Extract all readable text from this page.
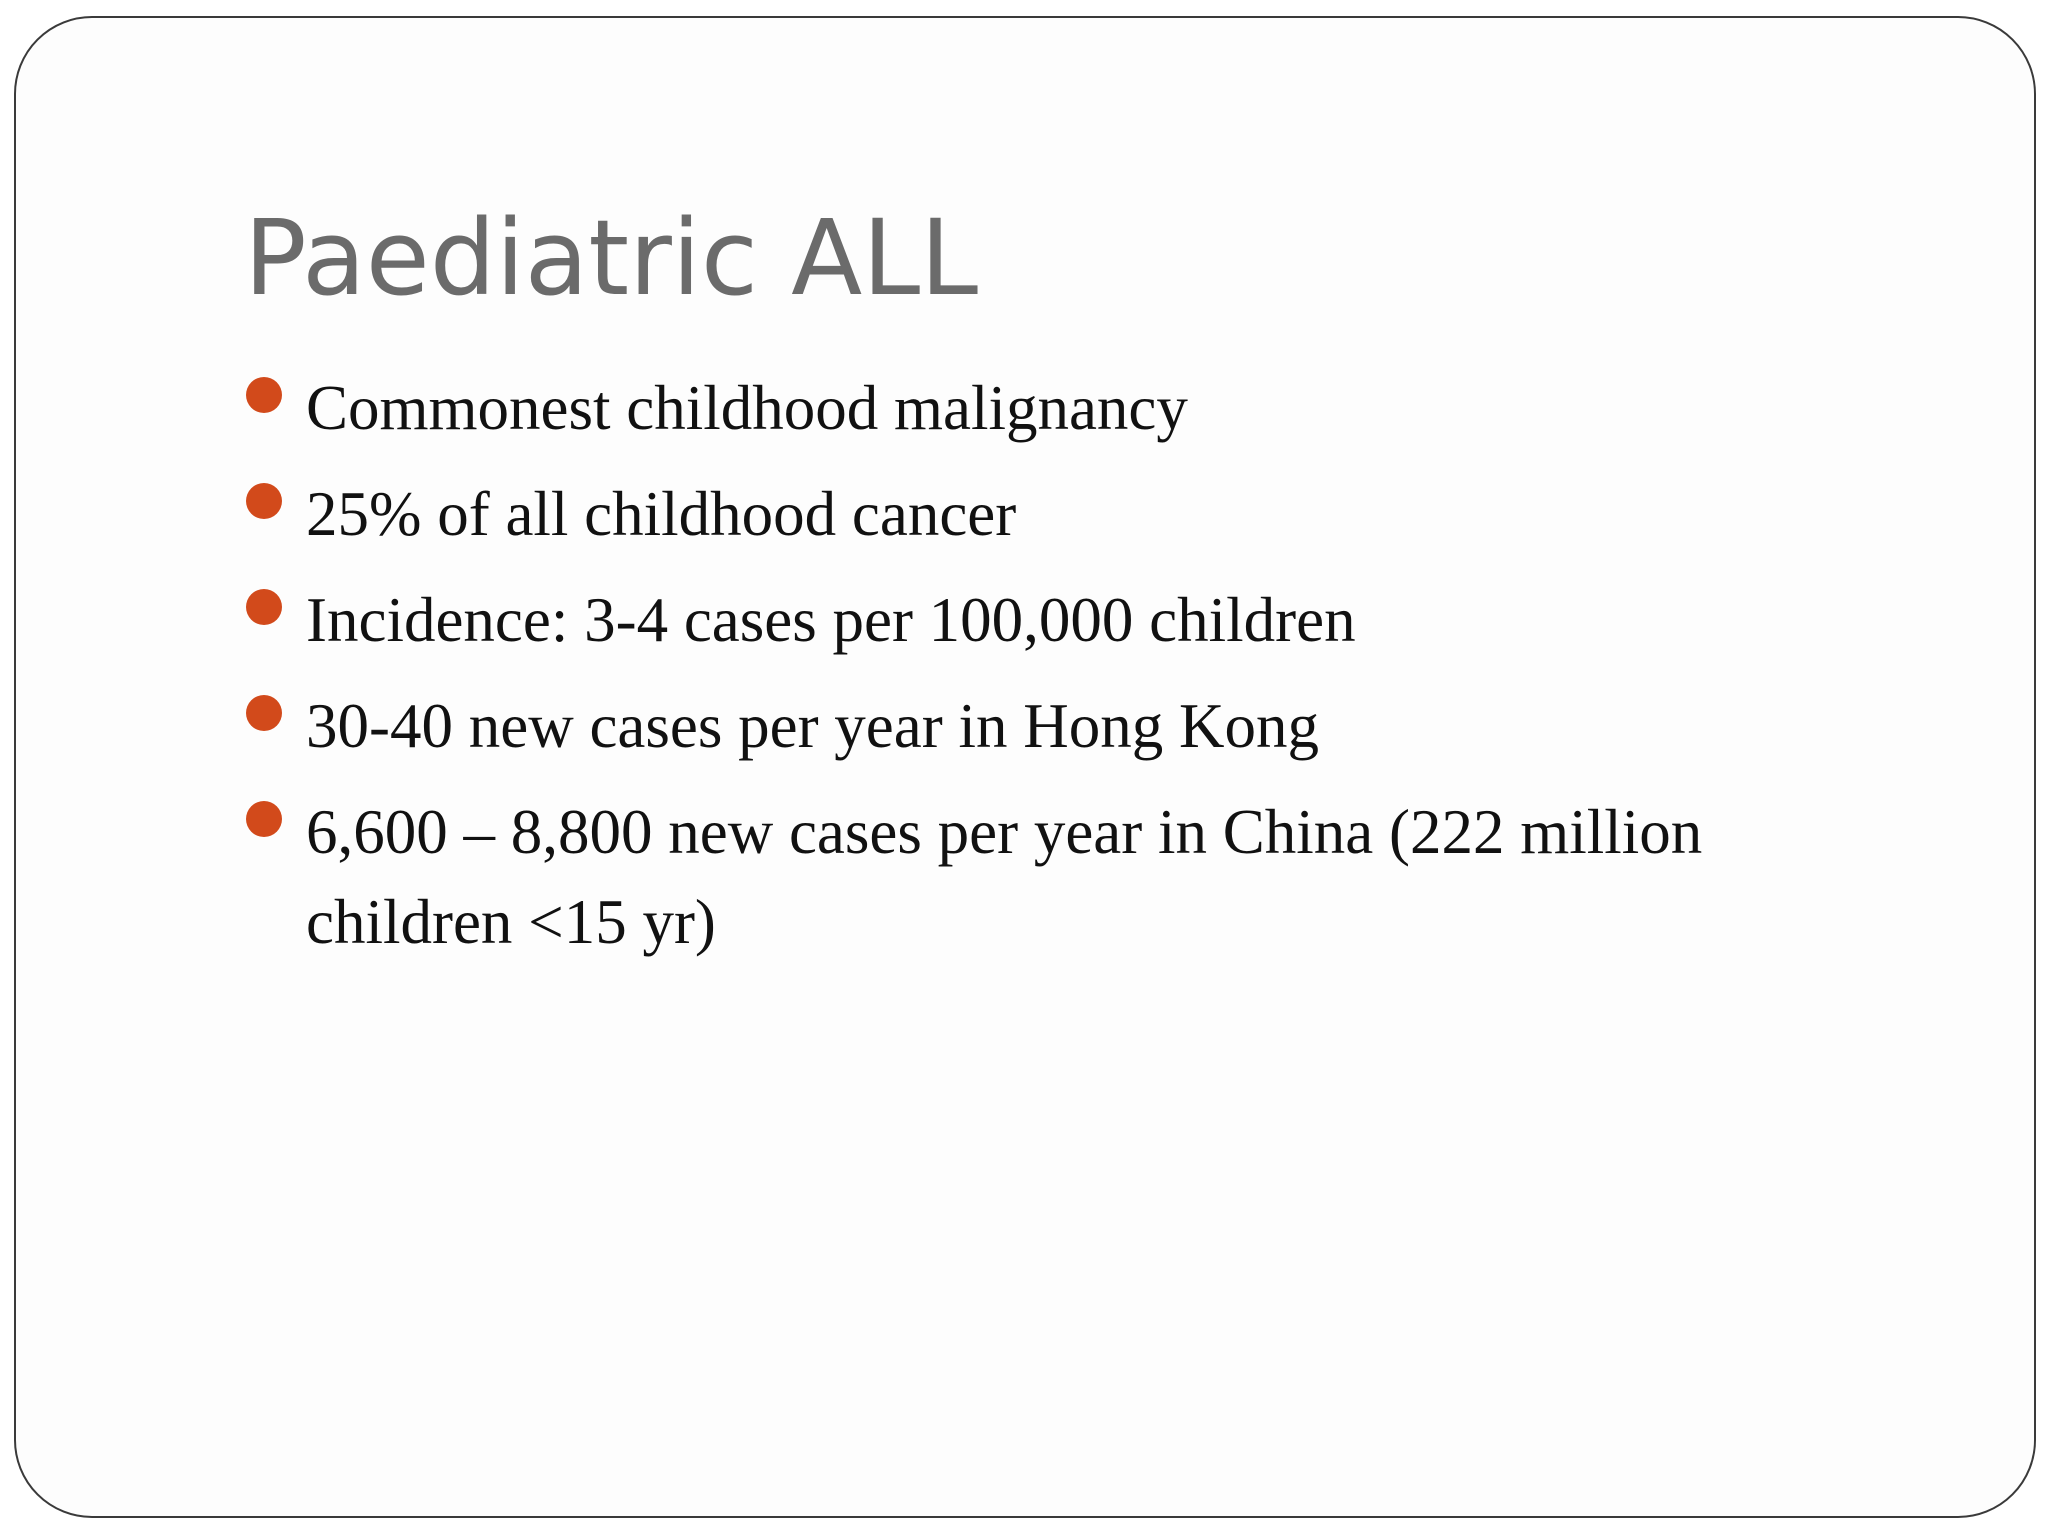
Paediatric ALL
Commonest childhood malignancy
25% of all childhood cancer
Incidence: 3-4 cases per 100,000 children
30-40 new cases per year in Hong Kong
6,600 – 8,800 new cases per year in China (222 million children <15 yr)
